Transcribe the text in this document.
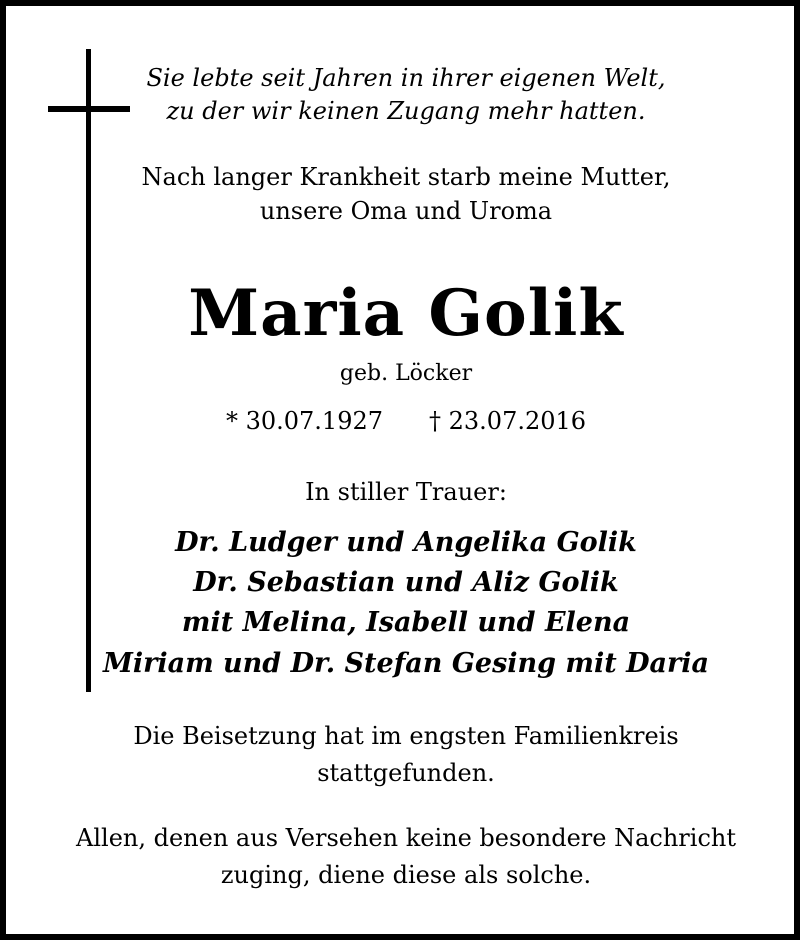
Sie lebte seit Jahren in ihrer eigenen Welt,
zu der wir keinen Zugang mehr hatten.
Nach langer Krankheit starb meine Mutter,
unsere Oma und Uroma
Maria Golik
geb. Löcker
* 30.07.1927 † 23.07.2016
In stiller Trauer:
Dr. Ludger und Angelika Golik
Dr. Sebastian und Aliz Golik
mit Melina, Isabell und Elena
Miriam und Dr. Stefan Gesing mit Daria
Die Beisetzung hat im engsten Familienkreis
stattgefunden.
Allen, denen aus Versehen keine besondere Nachricht
zuging, diene diese als solche.
